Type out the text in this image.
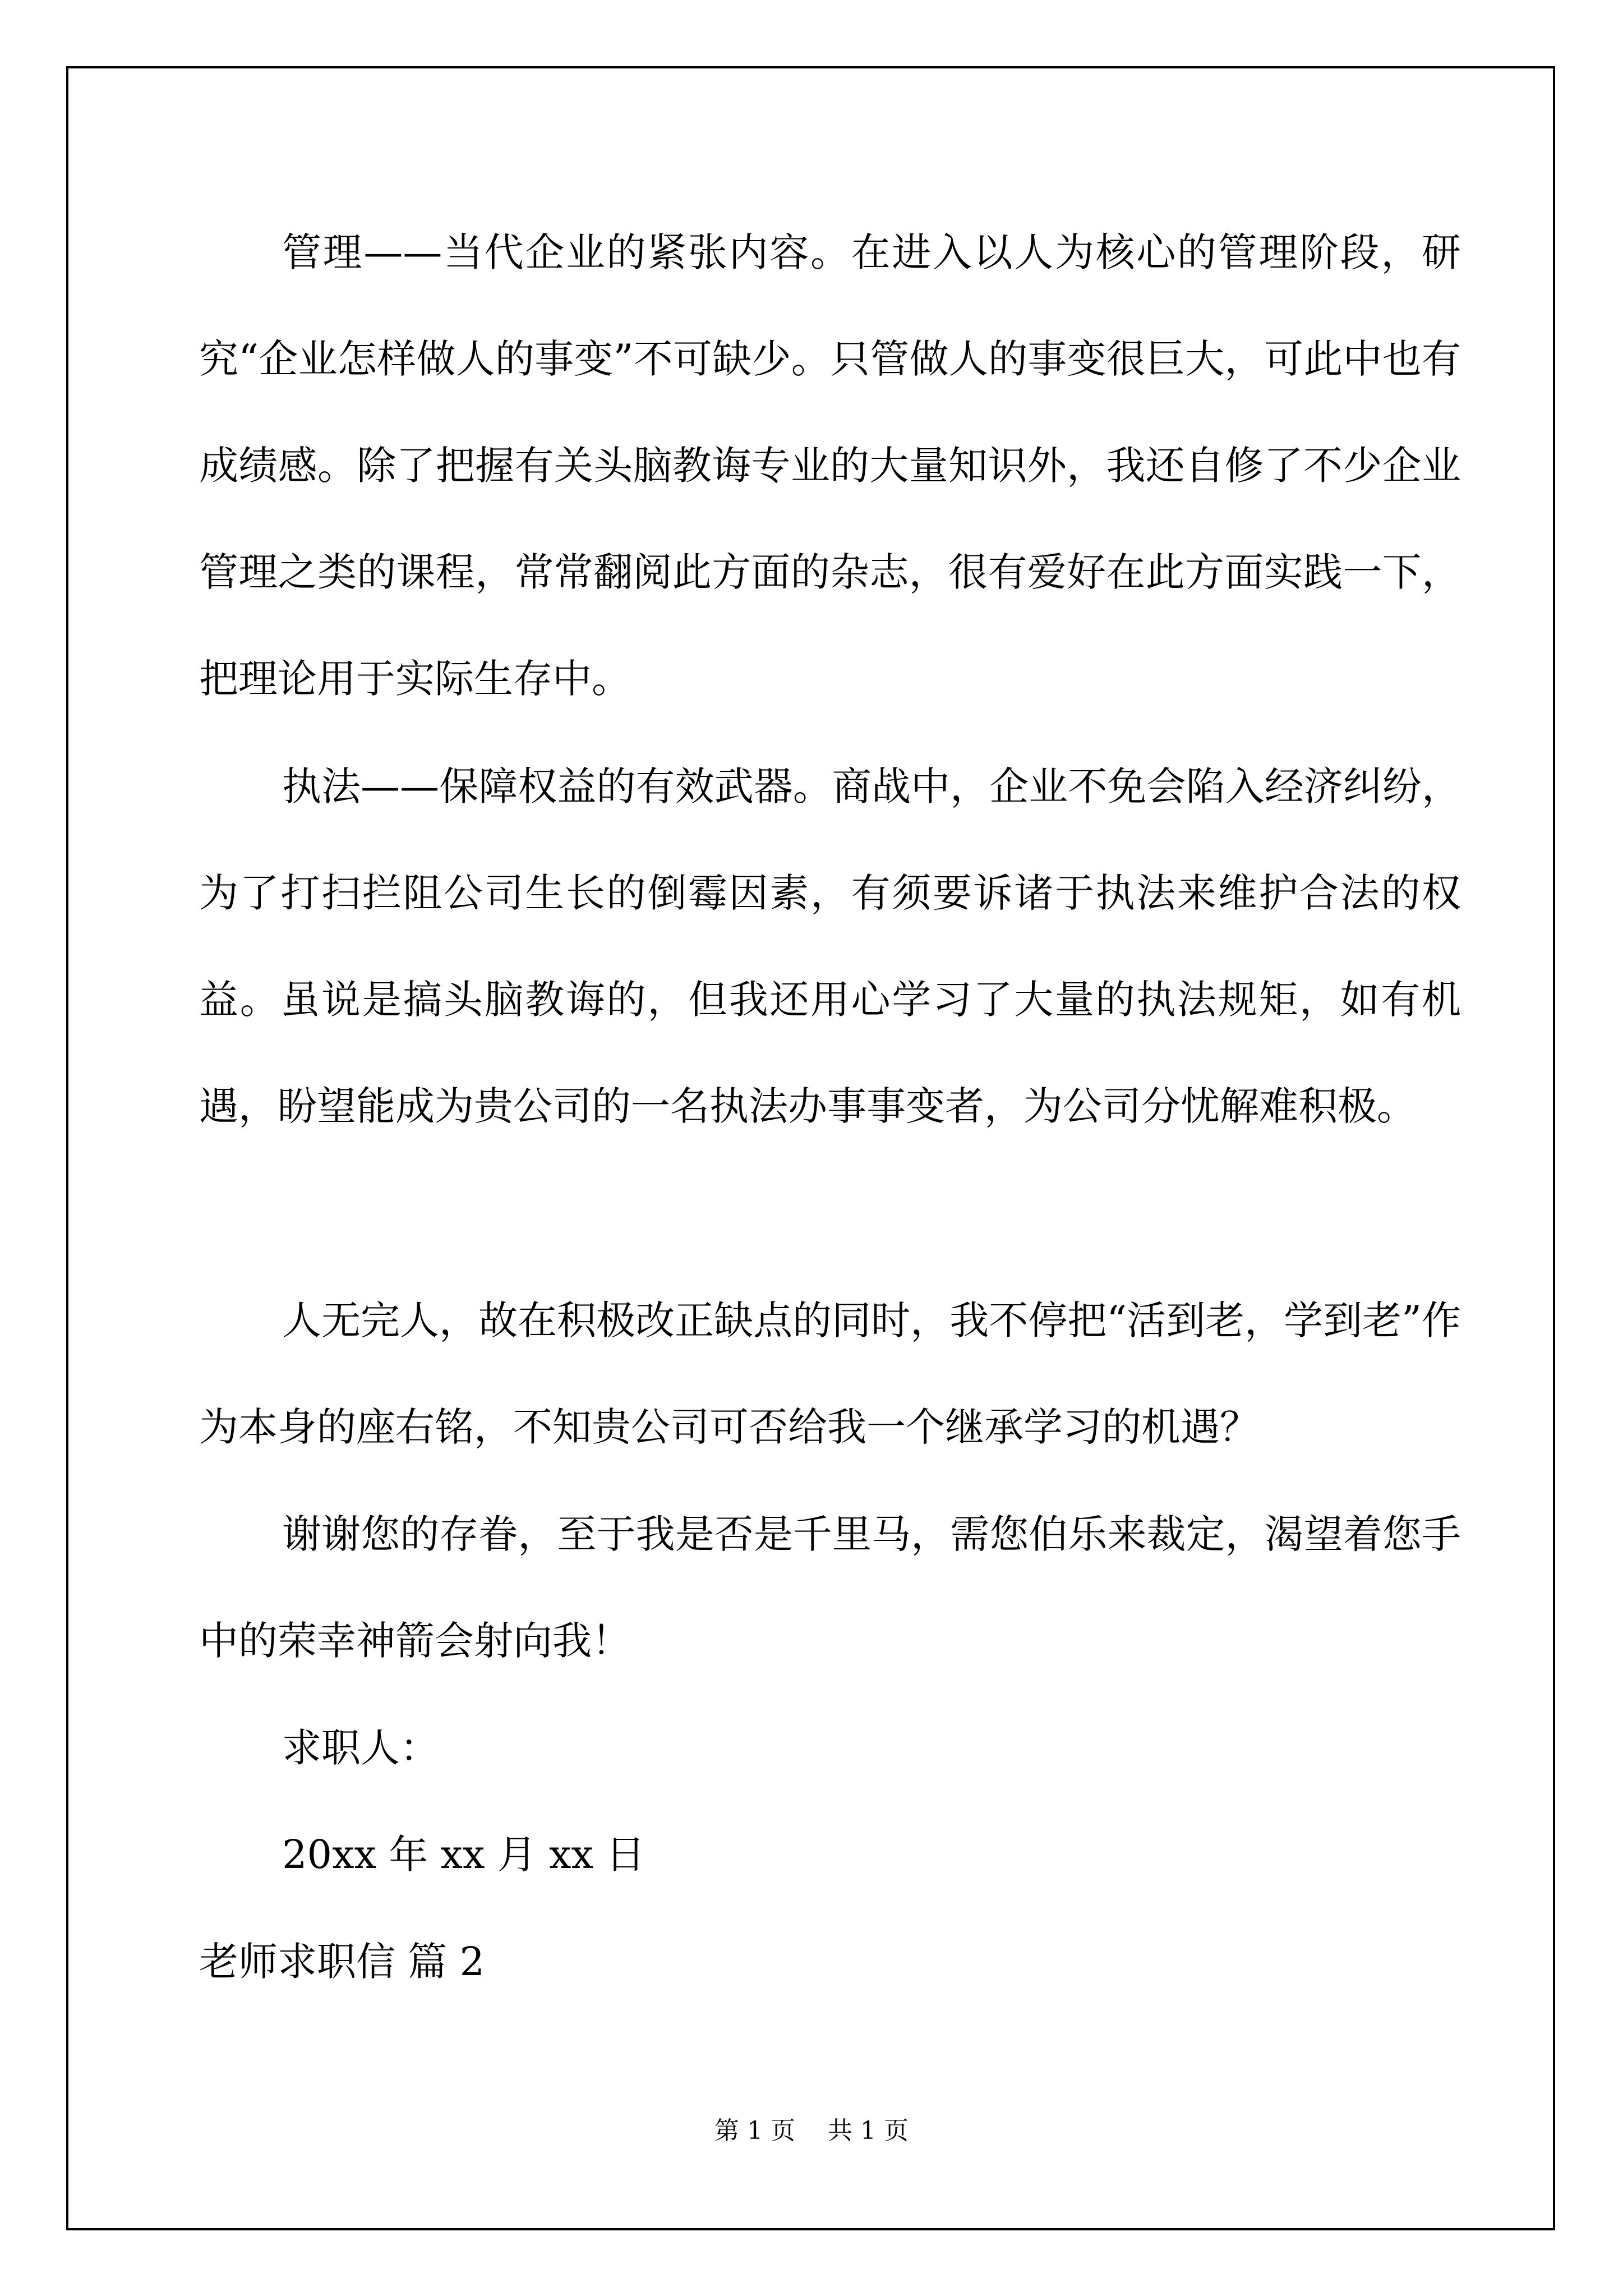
管理——当代企业的紧张内容。在进入以人为核心的管理阶段，研究“企业怎样做人的事变”不可缺少。只管做人的事变很巨大，可此中也有成绩感。除了把握有关头脑教诲专业的大量知识外，我还自修了不少企业管理之类的课程，常常翻阅此方面的杂志，很有爱好在此方面实践一下，把理论用于实际生存中。

执法——保障权益的有效武器。商战中，企业不免会陷入经济纠纷，为了打扫拦阻公司生长的倒霉因素，有须要诉诸于执法来维护合法的权益。虽说是搞头脑教诲的，但我还用心学习了大量的执法规矩，如有机遇，盼望能成为贵公司的一名执法办事事变者，为公司分忧解难积极。

人无完人，故在积极改正缺点的同时，我不停把“活到老，学到老”作为本身的座右铭，不知贵公司可否给我一个继承学习的机遇？

谢谢您的存眷，至于我是否是千里马，需您伯乐来裁定，渴望着您手中的荣幸神箭会射向我！

求职人：

20xx 年 xx 月 xx 日

老师求职信 篇 2

第 1 页 共 1 页
